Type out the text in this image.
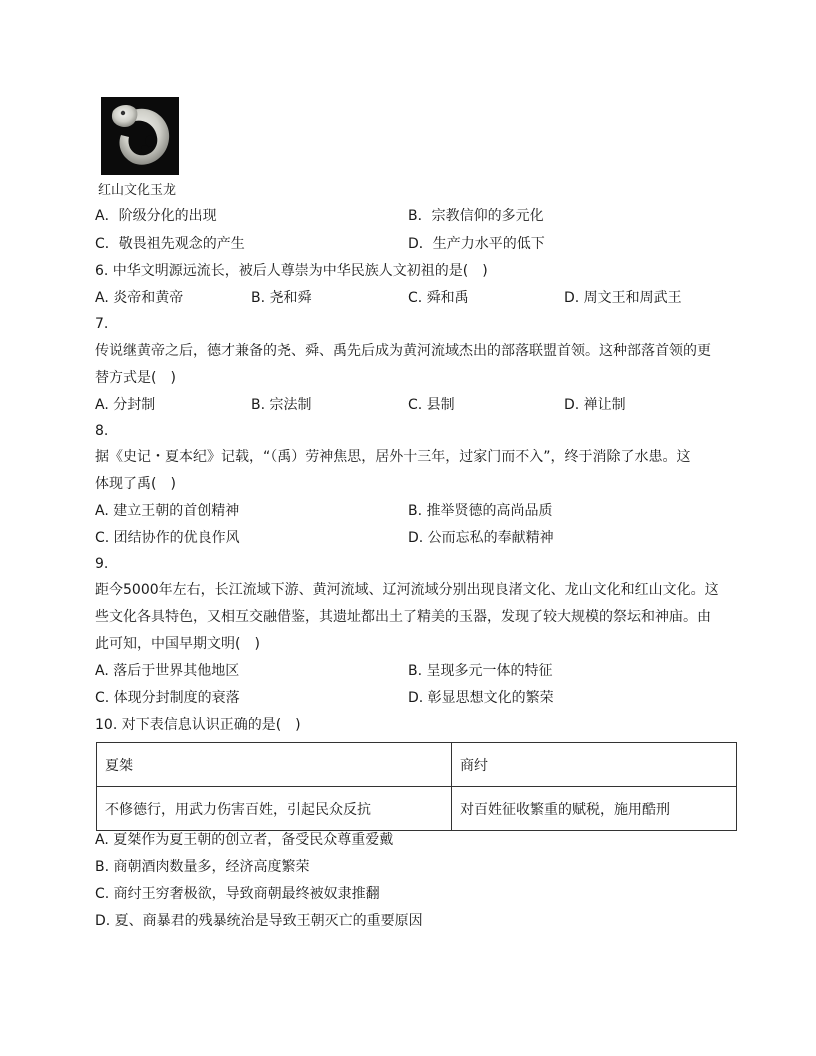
红山文化玉龙
A．阶级分化的出现	B．宗教信仰的多元化
C．敬畏祖先观念的产生	D．生产力水平的低下
6. 中华文明源远流长，被后人尊崇为中华民族人文初祖的是(　)
A. 炎帝和黄帝	B. 尧和舜	C. 舜和禹	D. 周文王和周武王
7.
传说继黄帝之后，德才兼备的尧、舜、禹先后成为黄河流域杰出的部落联盟首领。这种部落首领的更
替方式是(　)
A. 分封制	B. 宗法制	C. 县制	D. 禅让制
8.
据《史记・夏本纪》记载，“（禹）劳神焦思，居外十三年，过家门而不入”，终于消除了水患。这
体现了禹(　)
A. 建立王朝的首创精神	B. 推举贤德的高尚品质
C. 团结协作的优良作风	D. 公而忘私的奉献精神
9.
距今5000年左右，长江流域下游、黄河流域、辽河流域分别出现良渚文化、龙山文化和红山文化。这
些文化各具特色，又相互交融借鉴，其遗址都出土了精美的玉器，发现了较大规模的祭坛和神庙。由
此可知，中国早期文明(　)
A. 落后于世界其他地区	B. 呈现多元一体的特征
C. 体现分封制度的衰落	D. 彰显思想文化的繁荣
10. 对下表信息认识正确的是(　)
夏桀	商纣
不修德行，用武力伤害百姓，引起民众反抗	对百姓征收繁重的赋税，施用酷刑
A. 夏桀作为夏王朝的创立者，备受民众尊重爱戴
B. 商朝酒肉数量多，经济高度繁荣
C. 商纣王穷奢极欲，导致商朝最终被奴隶推翻
D. 夏、商暴君的残暴统治是导致王朝灭亡的重要原因
